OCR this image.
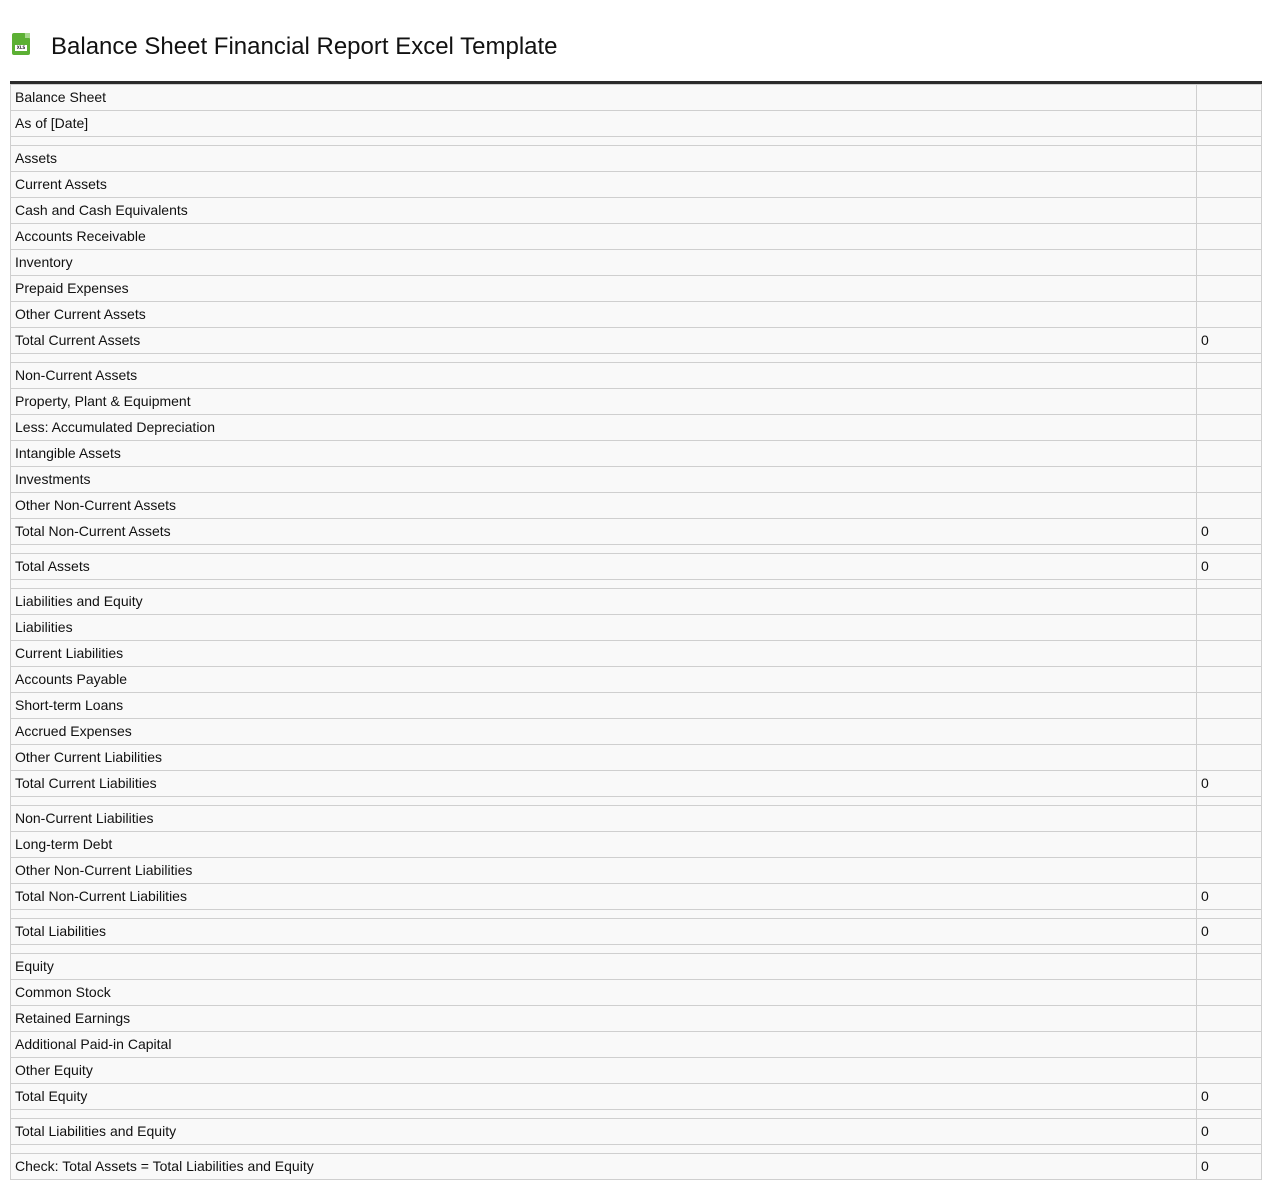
XLS Balance Sheet Financial Report Excel Template
Balance Sheet	
As of [Date]	

Assets	
Current Assets	
Cash and Cash Equivalents	
Accounts Receivable	
Inventory	
Prepaid Expenses	
Other Current Assets	
Total Current Assets	0

Non-Current Assets	
Property, Plant & Equipment	
Less: Accumulated Depreciation	
Intangible Assets	
Investments	
Other Non-Current Assets	
Total Non-Current Assets	0

Total Assets	0

Liabilities and Equity	
Liabilities	
Current Liabilities	
Accounts Payable	
Short-term Loans	
Accrued Expenses	
Other Current Liabilities	
Total Current Liabilities	0

Non-Current Liabilities	
Long-term Debt	
Other Non-Current Liabilities	
Total Non-Current Liabilities	0

Total Liabilities	0

Equity	
Common Stock	
Retained Earnings	
Additional Paid-in Capital	
Other Equity	
Total Equity	0

Total Liabilities and Equity	0

Check: Total Assets = Total Liabilities and Equity	0
